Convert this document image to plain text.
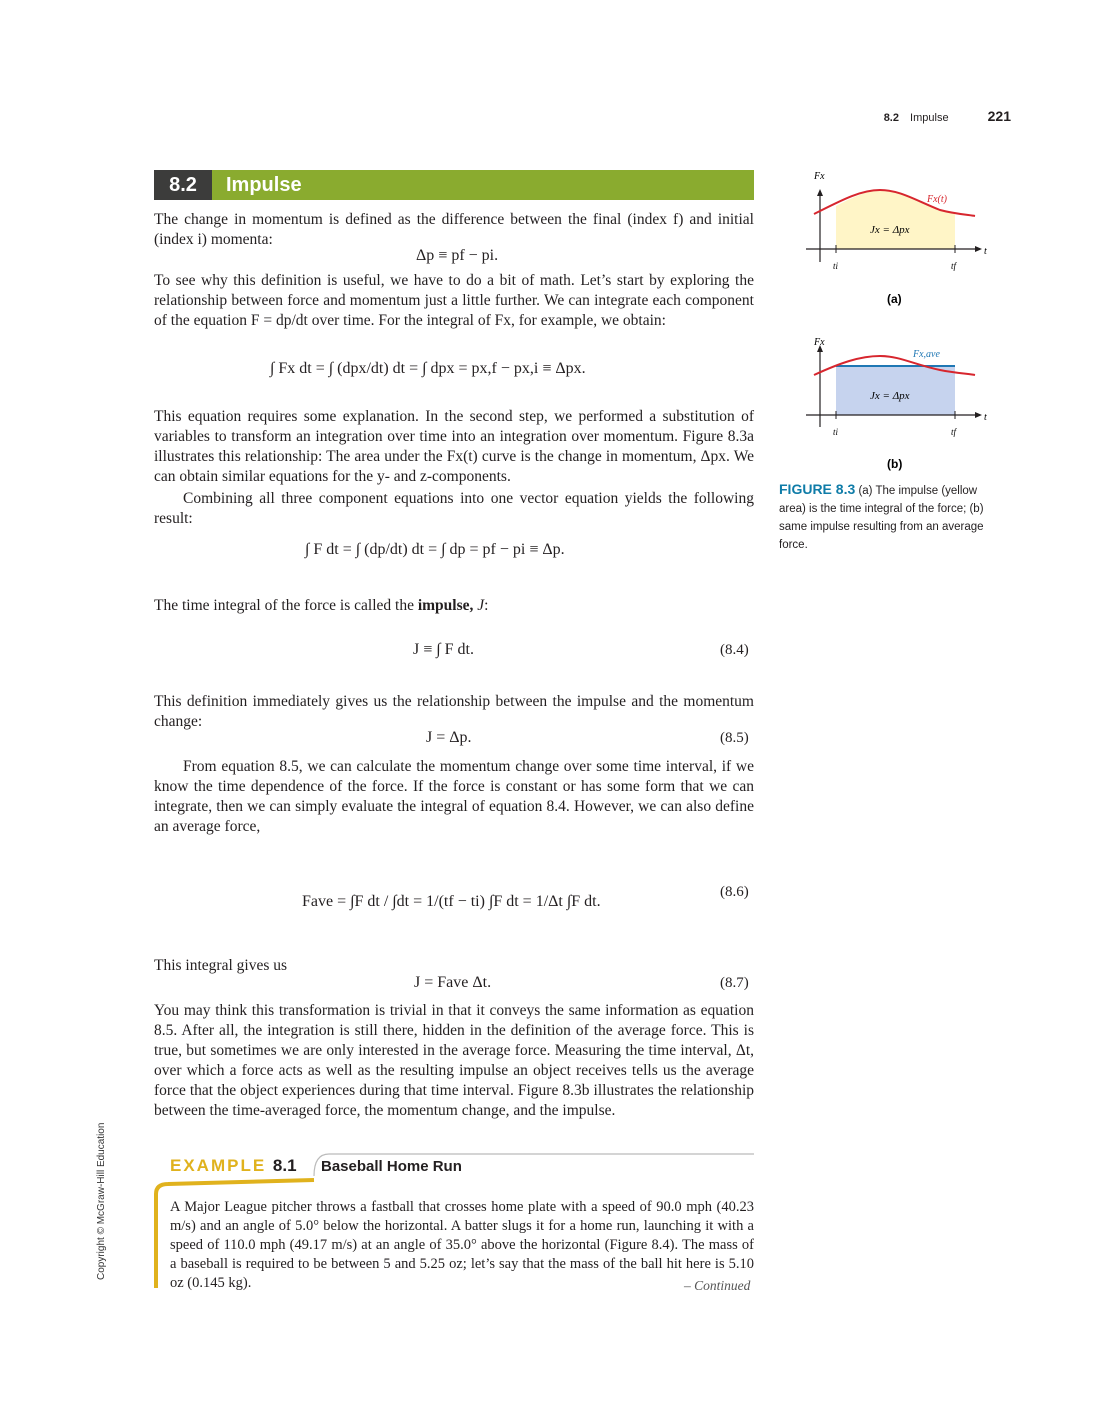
8.2 Impulse	221
8.2	Impulse
The change in momentum is defined as the difference between the final (index f) and initial (index i) momenta:
Δp ≡ pf − pi.
To see why this definition is useful, we have to do a bit of math. Let’s start by exploring the relationship between force and momentum just a little further. We can integrate each component of the equation F = dp/dt over time. For the integral of Fx, for example, we obtain:
∫ Fx dt = ∫ (dpx/dt) dt = ∫ dpx = px,f − px,i ≡ Δpx.
This equation requires some explanation. In the second step, we performed a substitution of variables to transform an integration over time into an integration over momentum. Figure 8.3a illustrates this relationship: The area under the Fx(t) curve is the change in momentum, Δpx. We can obtain similar equations for the y- and z-components.
Combining all three component equations into one vector equation yields the following result:
∫ F dt = ∫ (dp/dt) dt = ∫ dp = pf − pi ≡ Δp.
The time integral of the force is called the impulse, J:
J ≡ ∫ F dt.	(8.4)
This definition immediately gives us the relationship between the impulse and the momentum change:
J = Δp.	(8.5)
From equation 8.5, we can calculate the momentum change over some time interval, if we know the time dependence of the force. If the force is constant or has some form that we can integrate, then we can simply evaluate the integral of equation 8.4. However, we can also define an average force,
Fave = ∫F dt / ∫dt = 1/(tf − ti) ∫F dt = 1/Δt ∫F dt.
(8.6)
This integral gives us
J = Fave Δt.	(8.7)
You may think this transformation is trivial in that it conveys the same information as equation 8.5. After all, the integration is still there, hidden in the definition of the average force. This is true, but sometimes we are only interested in the average force. Measuring the time interval, Δt, over which a force acts as well as the resulting impulse an object receives tells us the average force that the object experiences during that time interval. Figure 8.3b illustrates the relationship between the time-averaged force, the momentum change, and the impulse.
Fx
t
Fx(t)
Jx = Δpx
ti	tf
(a)
Fx
t
Fx,ave
Jx = Δpx
ti	tf
(b)
FIGURE 8.3 (a) The impulse (yellow area) is the time integral of the force; (b) same impulse resulting from an average force.
EXAMPLE 8.1 Baseball Home Run
A Major League pitcher throws a fastball that crosses home plate with a speed of 90.0 mph (40.23 m/s) and an angle of 5.0° below the horizontal. A batter slugs it for a home run, launching it with a speed of 110.0 mph (49.17 m/s) at an angle of 35.0° above the horizontal (Figure 8.4). The mass of a baseball is required to be between 5 and 5.25 oz; let’s say that the mass of the ball hit here is 5.10 oz (0.145 kg).	– Continued
Copyright © McGraw-Hill Education
